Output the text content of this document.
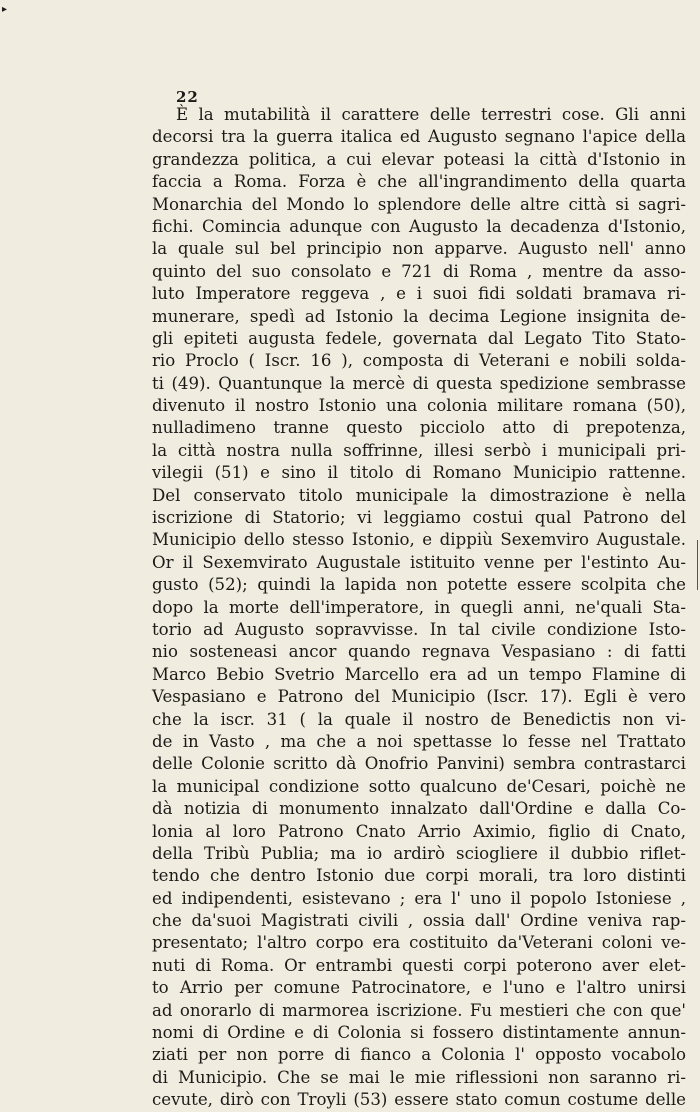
▸
22
È la mutabilità il carattere delle terrestri cose. Gli anni
decorsi tra la guerra italica ed Augusto segnano l'apice della
grandezza politica, a cui elevar poteasi la città d'Istonio in
faccia a Roma. Forza è che all'ingrandimento della quarta
Monarchia del Mondo lo splendore delle altre città si sagri-
fichi. Comincia adunque con Augusto la decadenza d'Istonio,
la quale sul bel principio non apparve. Augusto nell' anno
quinto del suo consolato e 721 di Roma , mentre da asso-
luto Imperatore reggeva , e i suoi fidi soldati bramava ri-
munerare, spedì ad Istonio la decima Legione insignita de-
gli epiteti augusta fedele, governata dal Legato Tito Stato-
rio Proclo ( Iscr. 16 ), composta di Veterani e nobili solda-
ti (49). Quantunque la mercè di questa spedizione sembrasse
divenuto il nostro Istonio una colonia militare romana (50),
nulladimeno tranne questo picciolo atto di prepotenza,
la città nostra nulla soffrinne, illesi serbò i municipali pri-
vilegii (51) e sino il titolo di Romano Municipio rattenne.
Del conservato titolo municipale la dimostrazione è nella
iscrizione di Statorio; vi leggiamo costui qual Patrono del
Municipio dello stesso Istonio, e dippiù Sexemviro Augustale.
Or il Sexemvirato Augustale istituito venne per l'estinto Au-
gusto (52); quindi la lapida non potette essere scolpita che
dopo la morte dell'imperatore, in quegli anni, ne'quali Sta-
torio ad Augusto sopravvisse. In tal civile condizione Isto-
nio sosteneasi ancor quando regnava Vespasiano : di fatti
Marco Bebio Svetrio Marcello era ad un tempo Flamine di
Vespasiano e Patrono del Municipio (Iscr. 17). Egli è vero
che la iscr. 31 ( la quale il nostro de Benedictis non vi-
de in Vasto , ma che a noi spettasse lo fesse nel Trattato
delle Colonie scritto dà Onofrio Panvini) sembra contrastarci
la municipal condizione sotto qualcuno de'Cesari, poichè ne
dà notizia di monumento innalzato dall'Ordine e dalla Co-
lonia al loro Patrono Cnato Arrio Aximio, figlio di Cnato,
della Tribù Publia; ma io ardirò sciogliere il dubbio riflet-
tendo che dentro Istonio due corpi morali, tra loro distinti
ed indipendenti, esistevano ; era l' uno il popolo Istoniese ,
che da'suoi Magistrati civili , ossia dall' Ordine veniva rap-
presentato; l'altro corpo era costituito da'Veterani coloni ve-
nuti di Roma. Or entrambi questi corpi poterono aver elet-
to Arrio per comune Patrocinatore, e l'uno e l'altro unirsi
ad onorarlo di marmorea iscrizione. Fu mestieri che con que'
nomi di Ordine e di Colonia si fossero distintamente annun-
ziati per non porre di fianco a Colonia l' opposto vocabolo
di Municipio. Che se mai le mie riflessioni non saranno ri-
cevute, dirò con Troyli (53) essere stato comun costume delle
